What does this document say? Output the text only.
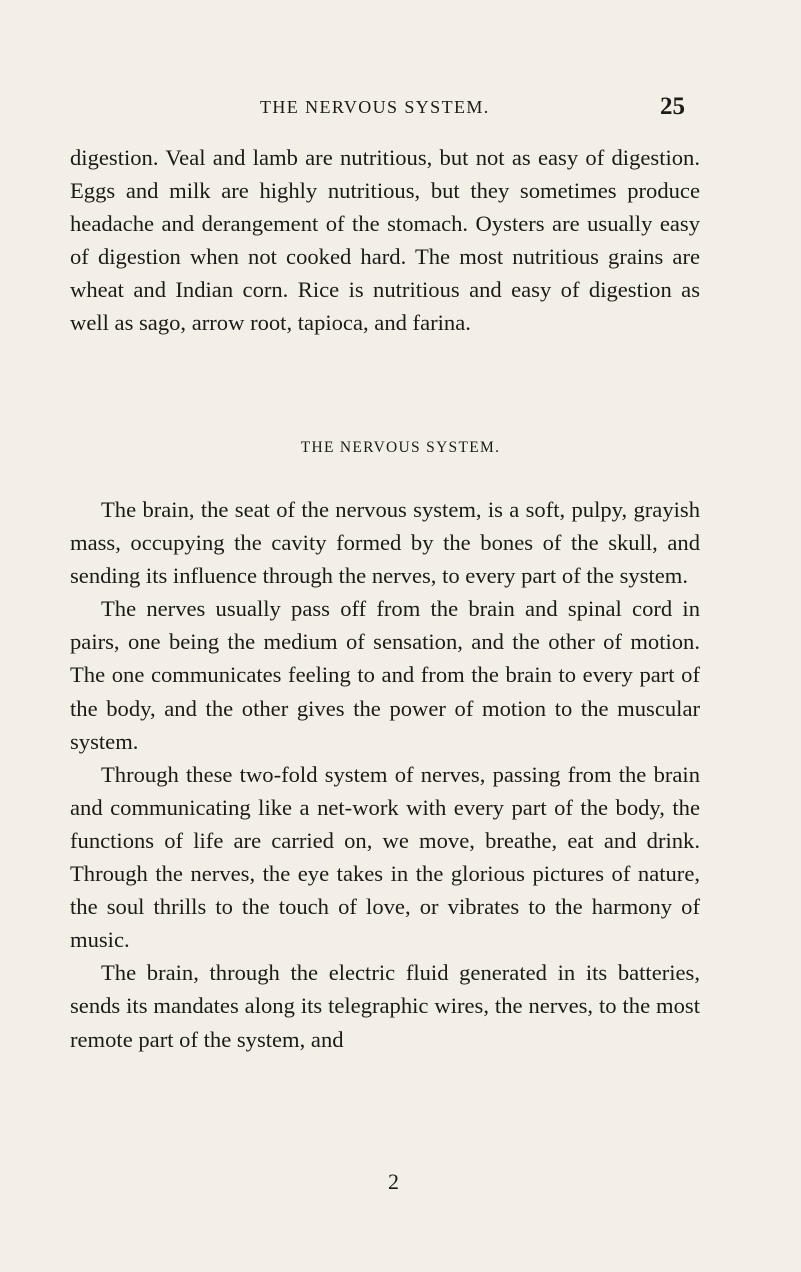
THE NERVOUS SYSTEM.	25

digestion. Veal and lamb are nutritious, but not as easy of digestion. Eggs and milk are highly nutritious, but they sometimes produce headache and derangement of the stomach. Oysters are usually easy of digestion when not cooked hard. The most nutritious grains are wheat and Indian corn. Rice is nutritious and easy of digestion as well as sago, arrow root, tapioca, and farina.

THE NERVOUS SYSTEM.

The brain, the seat of the nervous system, is a soft, pulpy, grayish mass, occupying the cavity formed by the bones of the skull, and sending its influence through the nerves, to every part of the system.

The nerves usually pass off from the brain and spinal cord in pairs, one being the medium of sensation, and the other of motion. The one communicates feeling to and from the brain to every part of the body, and the other gives the power of motion to the muscular system.

Through these two-fold system of nerves, passing from the brain and communicating like a net-work with every part of the body, the functions of life are carried on, we move, breathe, eat and drink. Through the nerves, the eye takes in the glorious pictures of nature, the soul thrills to the touch of love, or vibrates to the harmony of music.

The brain, through the electric fluid generated in its batteries, sends its mandates along its telegraphic wires, the nerves, to the most remote part of the system, and

2
